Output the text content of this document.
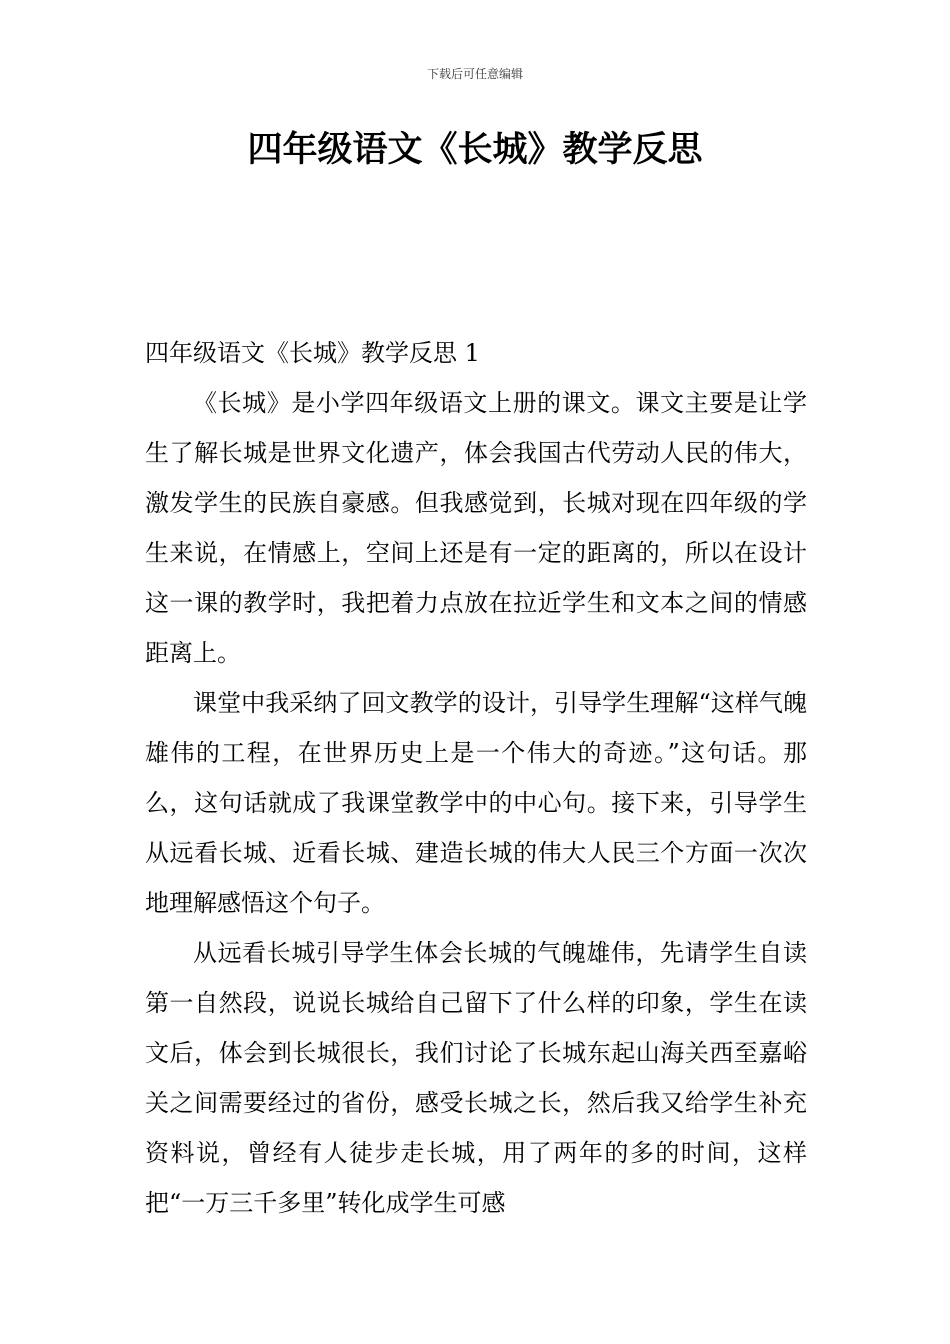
下载后可任意编辑
四年级语文《长城》教学反思

四年级语文《长城》教学反思 1

《长城》是小学四年级语文上册的课文。课文主要是让学生了解长城是世界文化遗产，体会我国古代劳动人民的伟大，激发学生的民族自豪感。但我感觉到，长城对现在四年级的学生来说，在情感上，空间上还是有一定的距离的，所以在设计这一课的教学时，我把着力点放在拉近学生和文本之间的情感距离上。

课堂中我采纳了回文教学的设计，引导学生理解“这样气魄雄伟的工程，在世界历史上是一个伟大的奇迹。”这句话。那么，这句话就成了我课堂教学中的中心句。接下来，引导学生从远看长城、近看长城、建造长城的伟大人民三个方面一次次地理解感悟这个句子。

从远看长城引导学生体会长城的气魄雄伟，先请学生自读第一自然段，说说长城给自己留下了什么样的印象，学生在读文后，体会到长城很长，我们讨论了长城东起山海关西至嘉峪关之间需要经过的省份，感受长城之长，然后我又给学生补充资料说，曾经有人徒步走长城，用了两年的多的时间，这样把“一万三千多里”转化成学生可感
